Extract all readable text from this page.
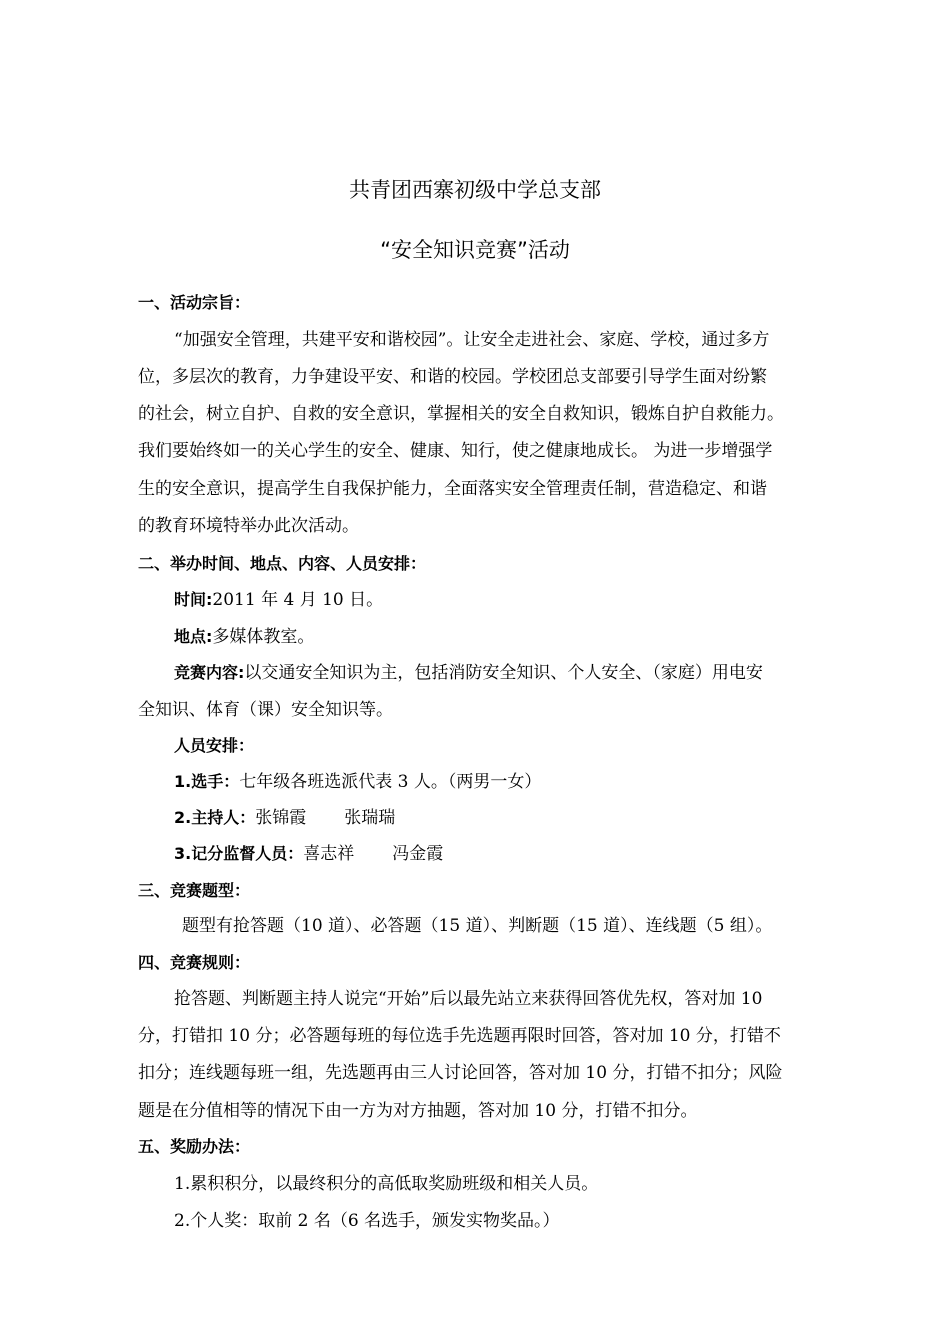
共青团西寨初级中学总支部
“安全知识竞赛”活动
一、活动宗旨：
“加强安全管理，共建平安和谐校园”。让安全走进社会、家庭、学校，通过多方
位，多层次的教育，力争建设平安、和谐的校园。学校团总支部要引导学生面对纷繁
的社会，树立自护、自救的安全意识，掌握相关的安全自救知识，锻炼自护自救能力。
我们要始终如一的关心学生的安全、健康、知行，使之健康地成长。 为进一步增强学
生的安全意识，提高学生自我保护能力，全面落实安全管理责任制，营造稳定、和谐
的教育环境特举办此次活动。
二、举办时间、地点、内容、人员安排：
时间:2011 年 4 月 10 日。
地点:多媒体教室。
竞赛内容:以交通安全知识为主，包括消防安全知识、个人安全、（家庭）用电安
全知识、体育（课）安全知识等。
人员安排：
1.选手：七年级各班选派代表 3 人。（两男一女）
2.主持人：张锦霞 张瑞瑞
3.记分监督人员：喜志祥 冯金霞
三、竞赛题型：
题型有抢答题（10 道）、必答题（15 道）、判断题（15 道）、连线题（5 组）。
四、竞赛规则：
抢答题、判断题主持人说完“开始”后以最先站立来获得回答优先权，答对加 10
分，打错扣 10 分；必答题每班的每位选手先选题再限时回答，答对加 10 分，打错不
扣分；连线题每班一组，先选题再由三人讨论回答，答对加 10 分，打错不扣分；风险
题是在分值相等的情况下由一方为对方抽题，答对加 10 分，打错不扣分。
五、奖励办法：
1.累积积分，以最终积分的高低取奖励班级和相关人员。
2.个人奖：取前 2 名（6 名选手，颁发实物奖品。）
